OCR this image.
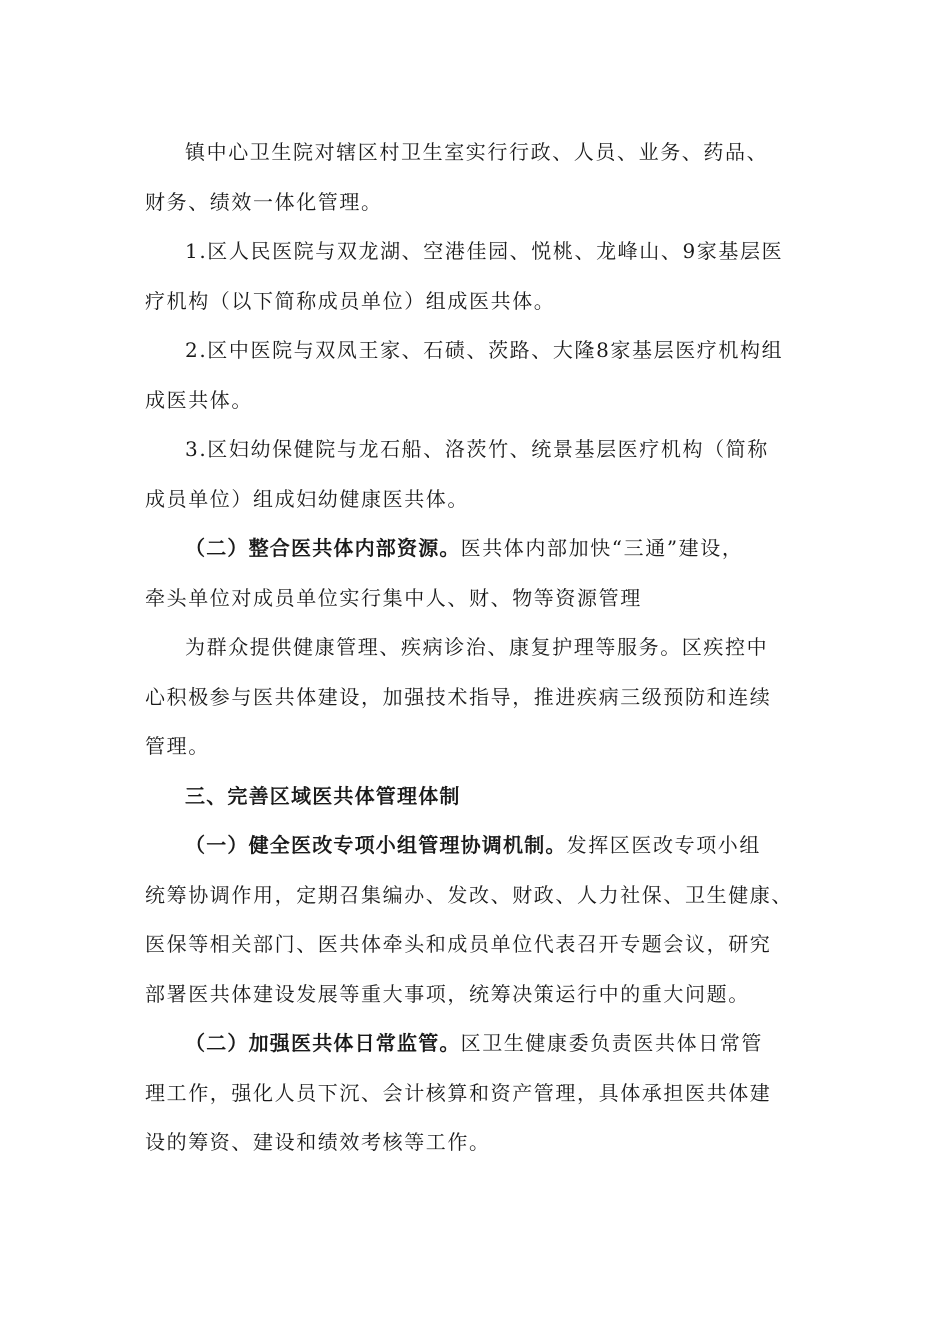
镇中心卫生院对辖区村卫生室实行行政、人员、业务、药品、

财务、绩效一体化管理。

1.区人民医院与双龙湖、空港佳园、悦桃、龙峰山、9家基层医

疗机构（以下简称成员单位）组成医共体。

2.区中医院与双凤王家、石碛、茨路、大隆8家基层医疗机构组

成医共体。

3.区妇幼保健院与龙石船、洛茨竹、统景基层医疗机构（简称

成员单位）组成妇幼健康医共体。

（二）整合医共体内部资源。医共体内部加快“三通”建设，

牵头单位对成员单位实行集中人、财、物等资源管理

为群众提供健康管理、疾病诊治、康复护理等服务。区疾控中

心积极参与医共体建设，加强技术指导，推进疾病三级预防和连续

管理。

三、完善区域医共体管理体制

（一）健全医改专项小组管理协调机制。发挥区医改专项小组

统筹协调作用，定期召集编办、发改、财政、人力社保、卫生健康、

医保等相关部门、医共体牵头和成员单位代表召开专题会议，研究

部署医共体建设发展等重大事项，统筹决策运行中的重大问题。

（二）加强医共体日常监管。区卫生健康委负责医共体日常管

理工作，强化人员下沉、会计核算和资产管理，具体承担医共体建

设的筹资、建设和绩效考核等工作。
